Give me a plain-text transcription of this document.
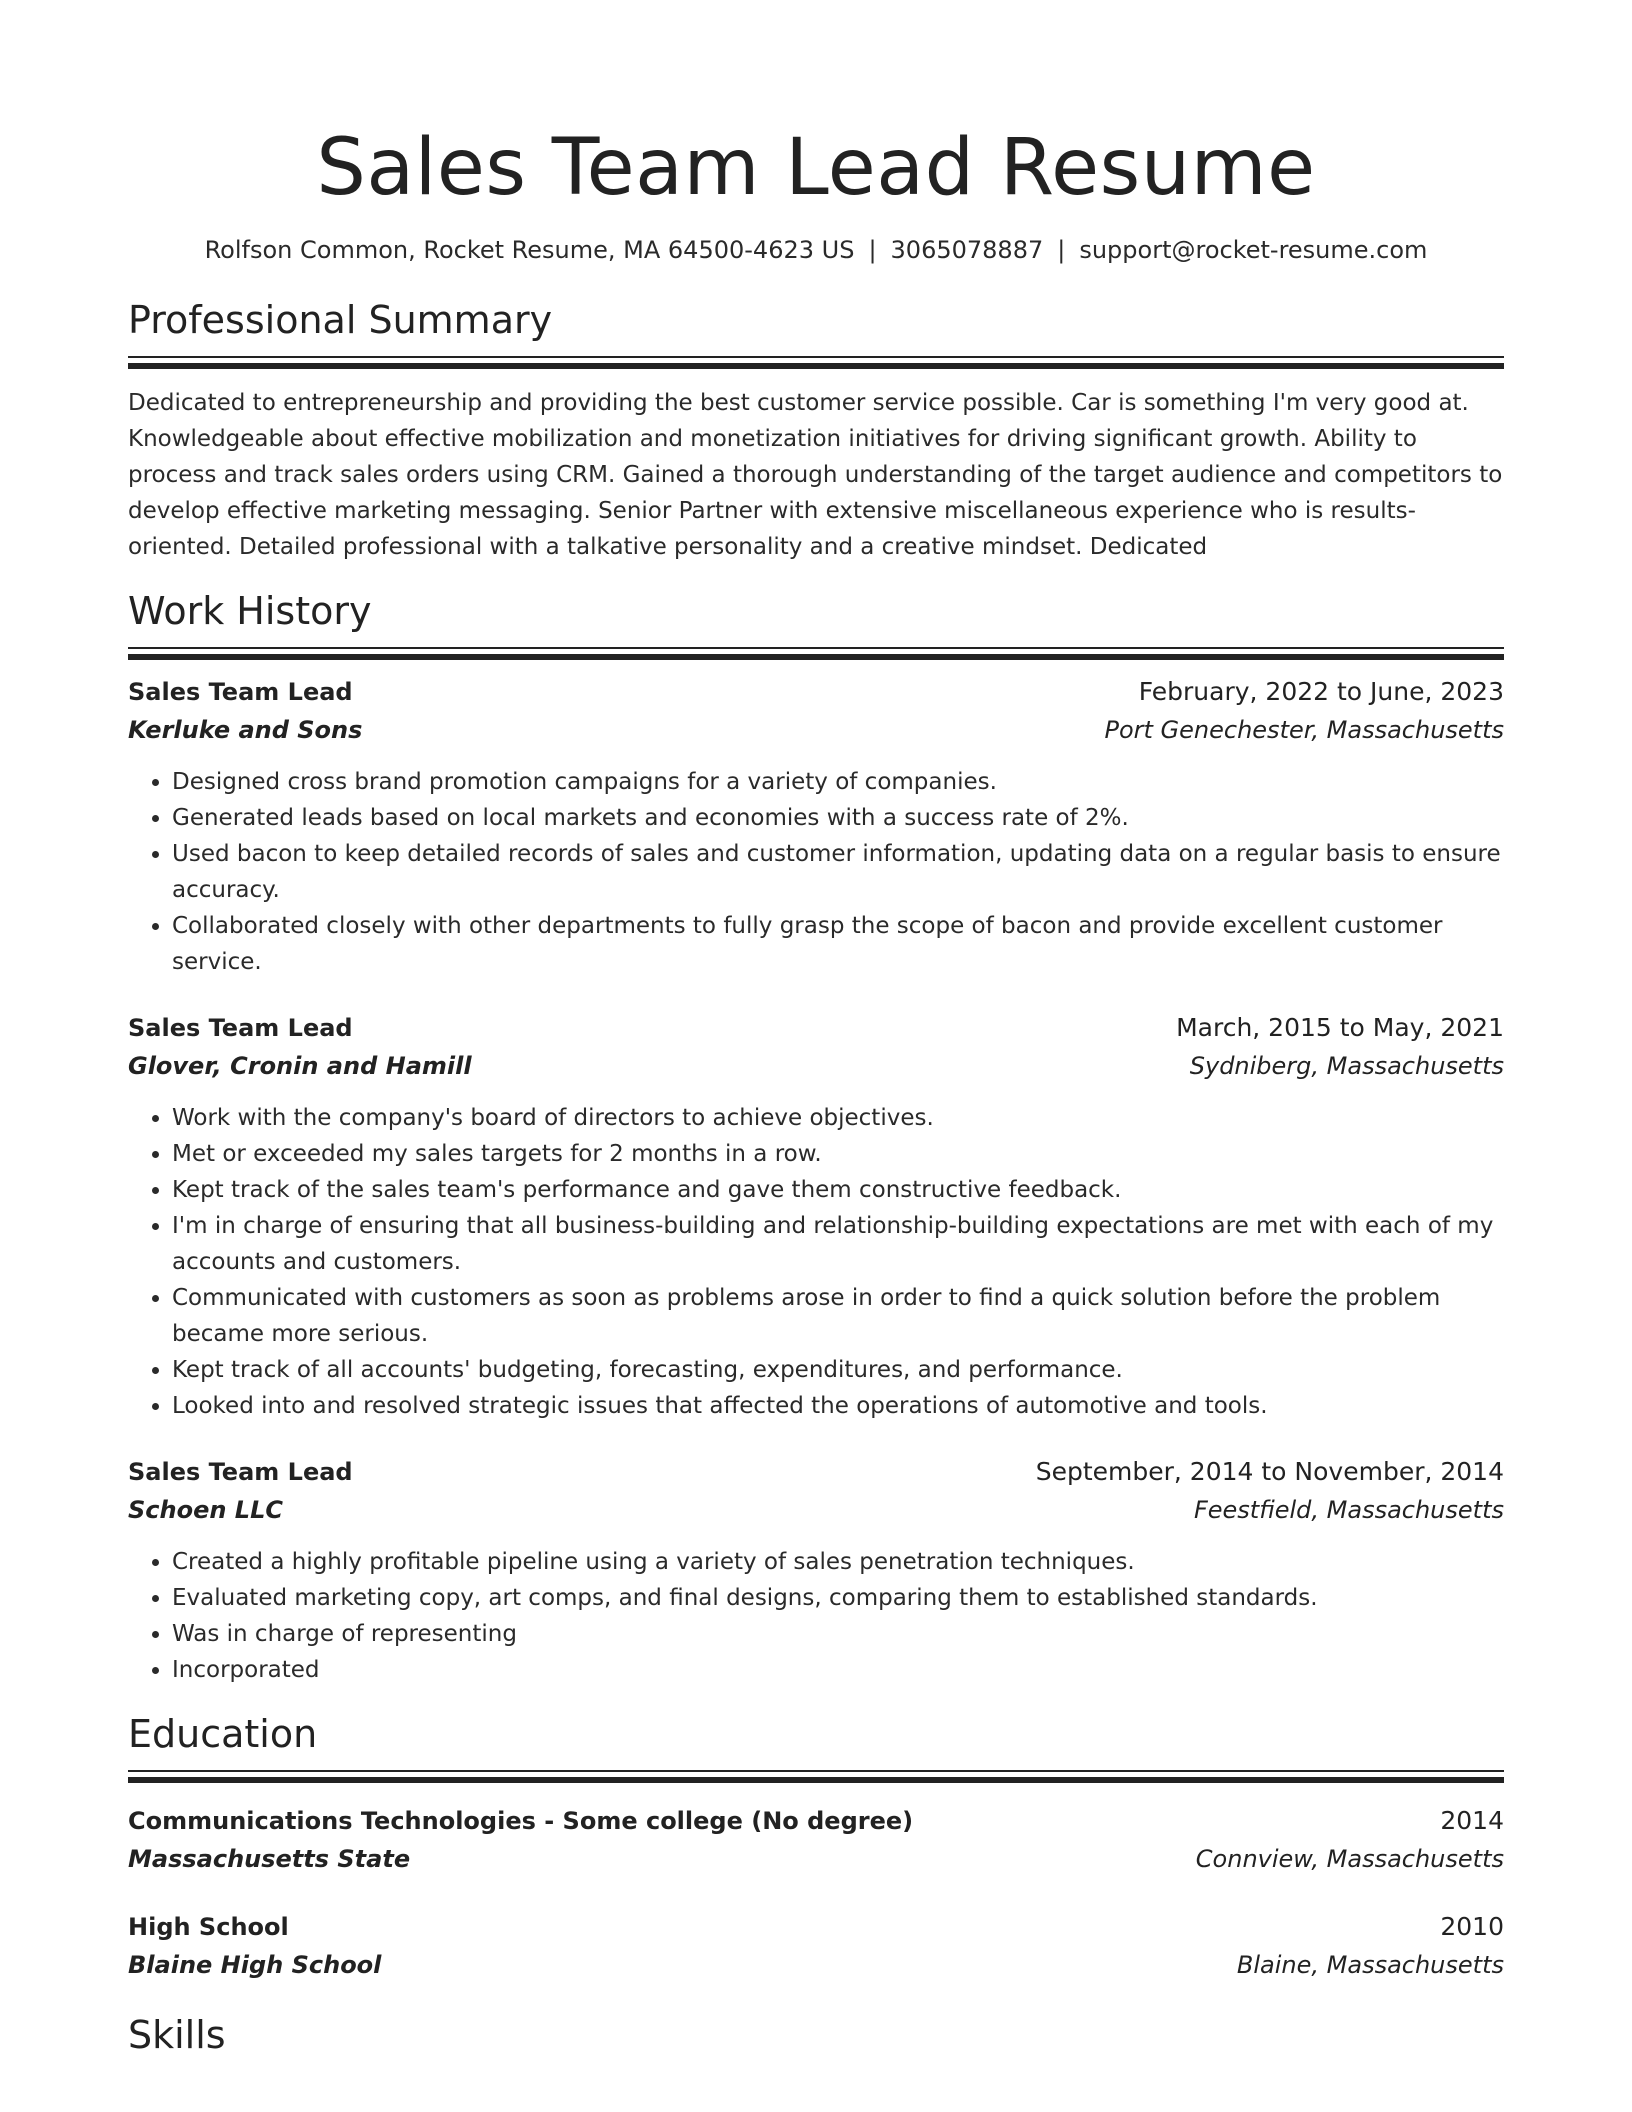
Sales Team Lead Resume
Rolfson Common, Rocket Resume, MA 64500-4623 US | 3065078887 | support@rocket-resume.com
Professional Summary
Dedicated to entrepreneurship and providing the best customer service possible. Car is something I'm very good at. Knowledgeable about effective mobilization and monetization initiatives for driving significant growth. Ability to process and track sales orders using CRM. Gained a thorough understanding of the target audience and competitors to develop effective marketing messaging. Senior Partner with extensive miscellaneous experience who is results-oriented. Detailed professional with a talkative personality and a creative mindset. Dedicated
Work History
Sales Team Lead	February, 2022 to June, 2023
Kerluke and Sons	Port Genechester, Massachusetts
• Designed cross brand promotion campaigns for a variety of companies.
• Generated leads based on local markets and economies with a success rate of 2%.
• Used bacon to keep detailed records of sales and customer information, updating data on a regular basis to ensure accuracy.
• Collaborated closely with other departments to fully grasp the scope of bacon and provide excellent customer service.
Sales Team Lead	March, 2015 to May, 2021
Glover, Cronin and Hamill	Sydniberg, Massachusetts
• Work with the company's board of directors to achieve objectives.
• Met or exceeded my sales targets for 2 months in a row.
• Kept track of the sales team's performance and gave them constructive feedback.
• I'm in charge of ensuring that all business-building and relationship-building expectations are met with each of my accounts and customers.
• Communicated with customers as soon as problems arose in order to find a quick solution before the problem became more serious.
• Kept track of all accounts' budgeting, forecasting, expenditures, and performance.
• Looked into and resolved strategic issues that affected the operations of automotive and tools.
Sales Team Lead	September, 2014 to November, 2014
Schoen LLC	Feestfield, Massachusetts
• Created a highly profitable pipeline using a variety of sales penetration techniques.
• Evaluated marketing copy, art comps, and final designs, comparing them to established standards.
• Was in charge of representing
• Incorporated
Education
Communications Technologies - Some college (No degree)	2014
Massachusetts State	Connview, Massachusetts
High School	2010
Blaine High School	Blaine, Massachusetts
Skills
